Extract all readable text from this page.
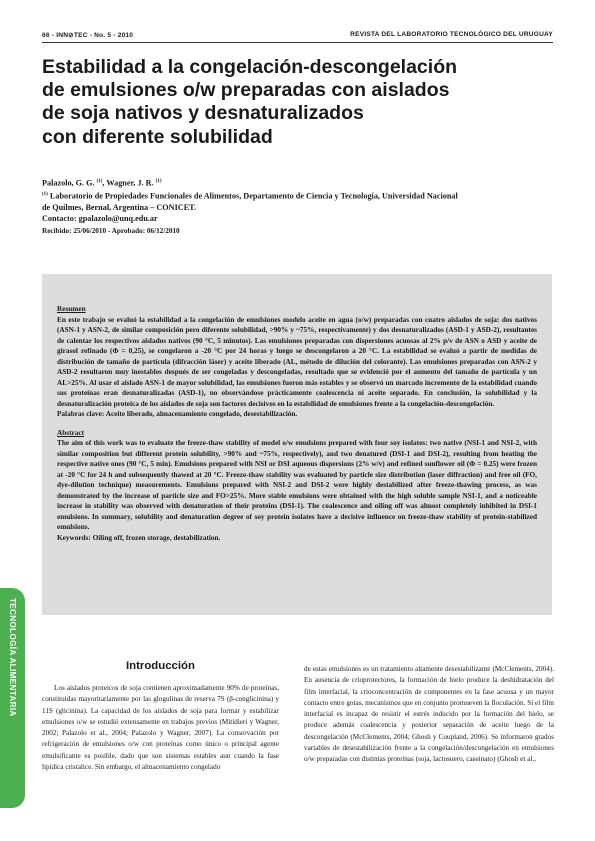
66 - INN⊘TEC - No. 5 - 2010	REVISTA DEL LABORATORIO TECNOLÓGICO DEL URUGUAY
Estabilidad a la congelación-descongelación
de emulsiones o/w preparadas con aislados
de soja nativos y desnaturalizados
con diferente solubilidad
Palazolo, G. G. $^{(1)}$, Wagner, J. R. $^{(1)}$
$^{(1)}$ Laboratorio de Propiedades Funcionales de Alimentos, Departamento de Ciencia y Tecnología, Universidad Nacional
de Quilmes, Bernal, Argentina – CONICET.
Contacto: gpalazolo@unq.edu.ar
Recibido: 25/06/2010 - Aprobado: 06/12/2010

Resumen

En este trabajo se evaluó la estabilidad a la congelación de emulsiones modelo aceite en agua (o/w) preparadas con cuatro aislados de soja: dos nativos (ASN-1 y ASN-2, de similar composición pero diferente solubilidad, >90% y ~75%, respectivamente) y dos desnaturalizados (ASD-1 y ASD-2), resultantes de calentar los respectivos aislados nativos (90 °C, 5 minutos). Las emulsiones preparadas con dispersiones acuosas al 2% p/v de ASN o ASD y aceite de girasol refinado (Φ = 0,25), se congelaron a -20 °C por 24 horas y luego se descongelaron a 20 °C. La estabilidad se evaluó a partir de medidas de distribución de tamaño de partícula (difracción láser) y aceite liberado (AL, método de dilución del colorante). Las emulsiones preparadas con ASN-2 y ASD-2 resultaron muy inestables después de ser congeladas y descongeladas, resultado que se evidenció por el aumento del tamaño de partícula y un AL>25%. Al usar el aislado ASN-1 de mayor solubilidad, las emulsiones fueron más estables y se observó un marcado incremento de la estabilidad cuando sus proteínas eran desnaturalizadas (ASD-1), no observándose prácticamente coalescencia ni aceite separado. En conclusión, la solubilidad y la desnaturalización proteica de los aislados de soja son factores decisivos en la estabilidad de emulsiones frente a la congelación-descongelación.

Palabras clave: Aceite liberado, almacenamiento congelado, desestabilización.

Abstract

The aim of this work was to evaluate the freeze-thaw stability of model o/w emulsions prepared with four soy isolates: two native (NSI-1 and NSI-2, with similar composition but different protein solubility, >90% and ~75%, respectively), and two denatured (DSI-1 and DSI-2), resulting from heating the respective native ones (90 °C, 5 min). Emulsions prepared with NSI or DSI aqueous dispersions (2% w/v) and refined sunflower oil (Φ = 0.25) were frozen at -20 °C for 24 h and subsequently thawed at 20 °C. Freeze-thaw stability was evaluated by particle size distribution (laser diffraction) and free oil (FO, dye-dilution technique) measurements. Emulsions prepared with NSI-2 and DSI-2 were highly destabilized after freeze-thawing process, as was demonstrated by the increase of particle size and FO>25%. More stable emulsions were obtained with the high soluble sample NSI-1, and a noticeable increase in stability was observed with denaturation of their proteins (DSI-1). The coalescence and oiling off was almost completely inhibited in DSI-1 emulsions. In summary, solubility and denaturation degree of soy protein isolates have a decisive influence on freeze-thaw stability of protein-stabilized emulsions.

Keywords: Oiling off, frozen storage, destabilization.

TECNOLOGÍA ALIMENTARIA	Introducción

Los aislados proteicos de soja contienen aproximadamente 90% de proteínas, constituidas mayoritariamente por las glogulinas de reserva 7S (β-conglicinina) y 11S (glicinina). La capacidad de los aislados de soja para formar y estabilizar emulsiones o/w se estudió extensamente en trabajos previos (Mitidieri y Wagner, 2002; Palazolo et al., 2004; Palazolo y Wagner, 2007). La conservación por refrigeración de emulsiones o/w con proteínas como único o principal agente emulsificante es posible, dado que son sistemas estables aun cuando la fase lipídica cristalice. Sin embargo, el almacenamiento congelado

de estas emulsiones es un tratamiento altamente desestabilizante (McClements, 2004). En ausencia de crioprotectores, la formación de hielo produce la deshidratación del film interfacial, la crioconcentración de componentes en la fase acuosa y un mayor contacto entre gotas, mecanismos que en conjunto promueven la floculación. Si el film interfacial es incapaz de resistir el estrés inducido por la formación del hielo, se produce además coalescencia y posterior separación de aceite luego de la descongelación (McClements, 2004; Ghosh y Coupland, 2006). Se informaron grados variables de desestabilización frente a la congelación/descongelación en emulsiones o/w preparadas con distintas proteínas (soja, lactosuero, caseinato) (Ghosh et al.,
